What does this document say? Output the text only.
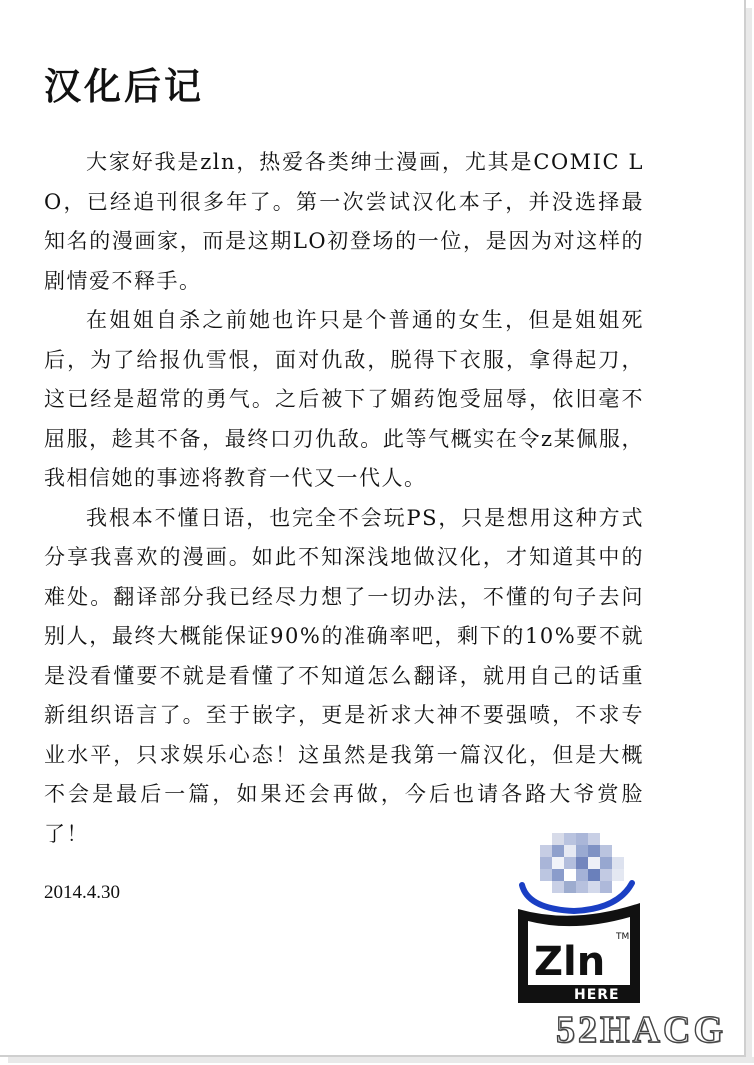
汉化后记

大家好我是zln，热爱各类绅士漫画，尤其是COMIC LO，已经追刊很多年了。第一次尝试汉化本子，并没选择最知名的漫画家，而是这期LO初登场的一位，是因为对这样的剧情爱不释手。

在姐姐自杀之前她也许只是个普通的女生，但是姐姐死后，为了给报仇雪恨，面对仇敌，脱得下衣服，拿得起刀，这已经是超常的勇气。之后被下了媚药饱受屈辱，依旧毫不屈服，趁其不备，最终口刃仇敌。此等气概实在令z某佩服，我相信她的事迹将教育一代又一代人。

我根本不懂日语，也完全不会玩PS，只是想用这种方式分享我喜欢的漫画。如此不知深浅地做汉化，才知道其中的难处。翻译部分我已经尽力想了一切办法，不懂的句子去问别人，最终大概能保证90%的准确率吧，剩下的10%要不就是没看懂要不就是看懂了不知道怎么翻译，就用自己的话重新组织语言了。至于嵌字，更是祈求大神不要强喷，不求专业水平，只求娱乐心态！这虽然是我第一篇汉化，但是大概不会是最后一篇，如果还会再做，今后也请各路大爷赏脸了！

2014.4.30
Zln
TM
HERE
52HACG
